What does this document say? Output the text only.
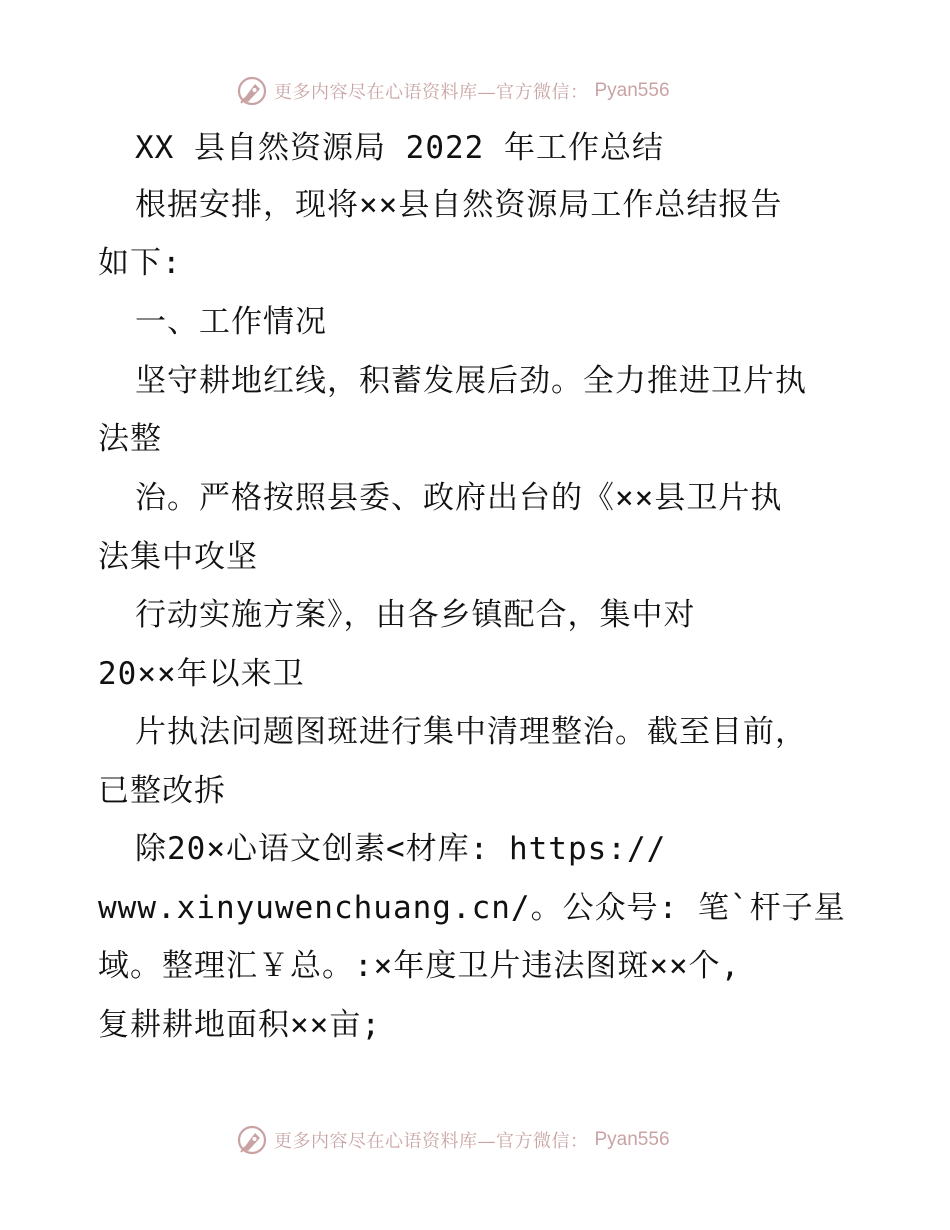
更多内容尽在心语资料库—官方微信： Pyan556
XX 县自然资源局 2022 年工作总结
根据安排，现将××县自然资源局工作总结报告
如下:
一、工作情况
坚守耕地红线，积蓄发展后劲。全力推进卫片执
法整
治。严格按照县委、政府出台的《××县卫片执
法集中攻坚
行动实施方案》，由各乡镇配合，集中对
20××年以来卫
片执法问题图斑进行集中清理整治。截至目前，
已整改拆
除20×心语文创素<材库: https://
www.xinyuwenchuang.cn/。公众号: 笔`杆子星
域。整理汇￥总。:×年度卫片违法图斑××个,
复耕耕地面积××亩;
更多内容尽在心语资料库—官方微信： Pyan556
